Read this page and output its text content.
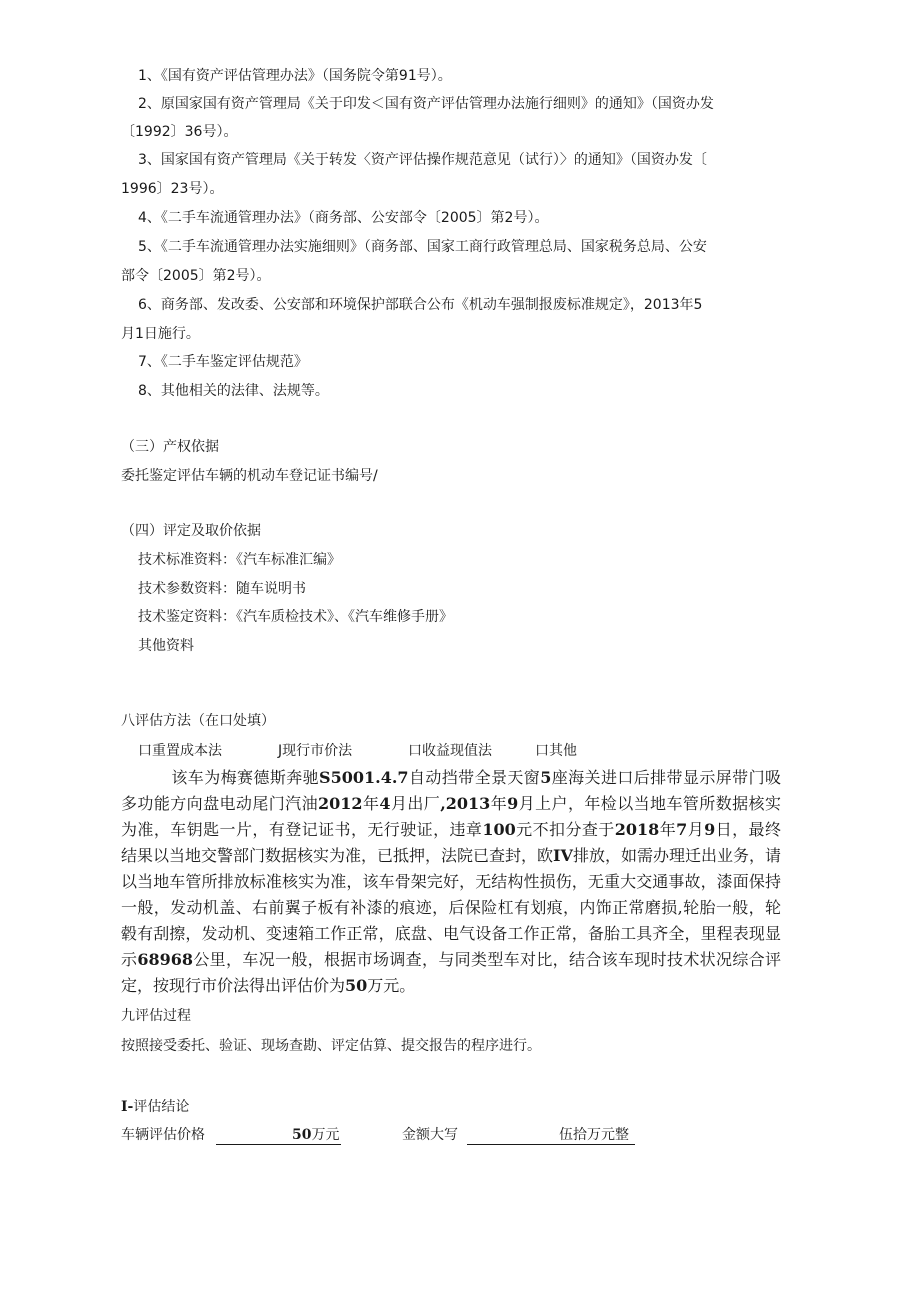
1、《国有资产评估管理办法》（国务院令第91号）。
2、原国家国有资产管理局《关于印发＜国有资产评估管理办法施行细则》的通知》（国资办发
〔1992〕36号）。
3、国家国有资产管理局《关于转发〈资产评估操作规范意见（试行）〉的通知》（国资办发〔
1996〕23号）。
4、《二手车流通管理办法》（商务部、公安部令〔2005〕第2号）。
5、《二手车流通管理办法实施细则》（商务部、国家工商行政管理总局、国家税务总局、公安
部令〔2005〕第2号）。
6、商务部、发改委、公安部和环境保护部联合公布《机动车强制报废标准规定》，2013年5
月1日施行。
7、《二手车鉴定评估规范》
8、其他相关的法律、法规等。
（三）产权依据
委托鉴定评估车辆的机动车登记证书编号/
（四）评定及取价依据
技术标准资料：《汽车标准汇编》
技术参数资料：随车说明书
技术鉴定资料：《汽车质检技术》、《汽车维修手册》
其他资料
八评估方法（在口处填）
口重置成本法	J现行市价法	口收益现值法	口其他
该车为梅赛德斯奔驰S5001.4.7自动挡带全景天窗5座海关进口后排带显示屏带门吸多功能方向盘电动尾门汽油2012年4月出厂,2013年9月上户，年检以当地车管所数据核实为准，车钥匙一片，有登记证书，无行驶证，违章100元不扣分查于2018年7月9日，最终结果以当地交警部门数据核实为准，已抵押，法院已查封，欧IV排放，如需办理迁出业务，请以当地车管所排放标准核实为准，该车骨架完好，无结构性损伤，无重大交通事故，漆面保持一般，发动机盖、右前翼子板有补漆的痕迹，后保险杠有划痕，内饰正常磨损,轮胎一般，轮毂有刮擦，发动机、变速箱工作正常，底盘、电气设备工作正常，备胎工具齐全，里程表现显示68968公里，车况一般，根据市场调查，与同类型车对比，结合该车现时技术状况综合评定，按现行市价法得出评估价为50万元。
九评估过程
按照接受委托、验证、现场查勘、评定估算、提交报告的程序进行。
I-评估结论
车辆评估价格	50万元	金额大写	伍拾万元整
